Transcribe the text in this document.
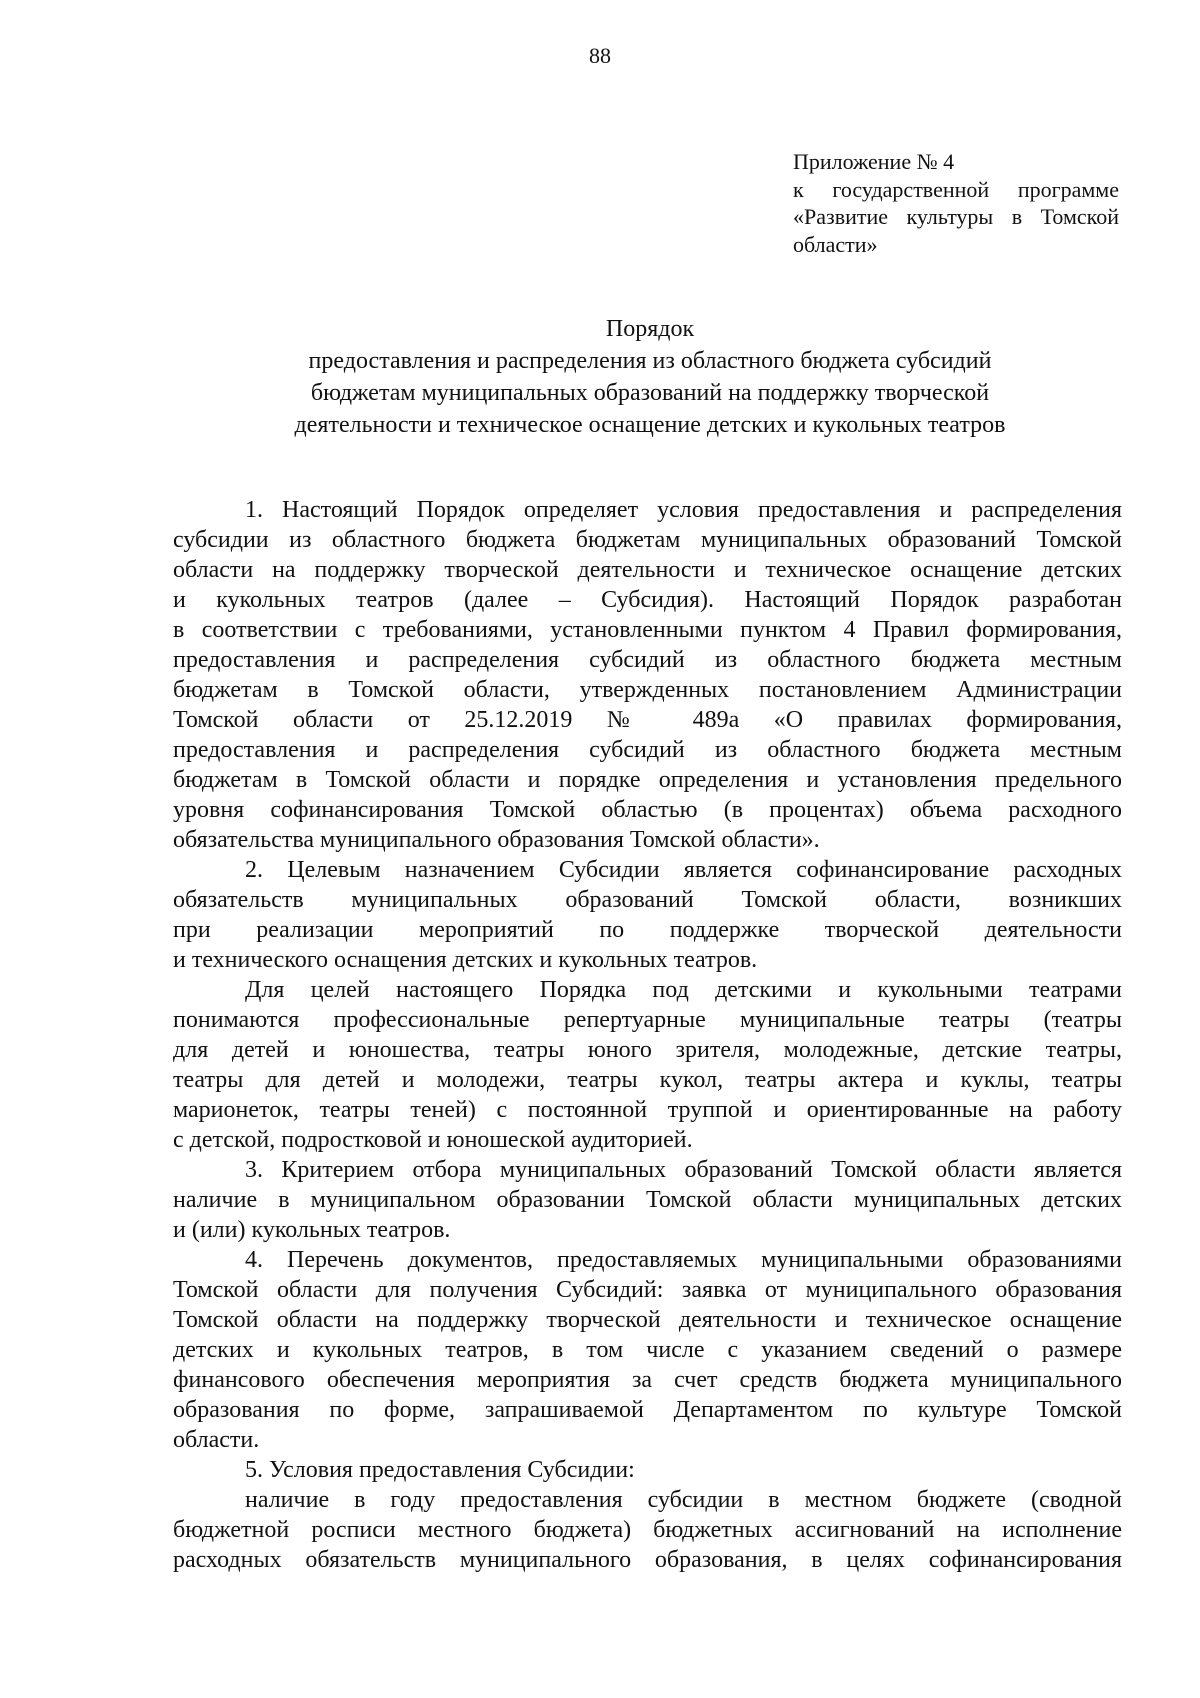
88
Приложение № 4
к государственной программе
«Развитие культуры в Томской
области»
Порядок
предоставления и распределения из областного бюджета субсидий
бюджетам муниципальных образований на поддержку творческой
деятельности и техническое оснащение детских и кукольных театров
1. Настоящий Порядок определяет условия предоставления и распределения
субсидии из областного бюджета бюджетам муниципальных образований Томской
области на поддержку творческой деятельности и техническое оснащение детских
и кукольных театров (далее – Субсидия). Настоящий Порядок разработан
в соответствии с требованиями, установленными пунктом 4 Правил формирования,
предоставления и распределения субсидий из областного бюджета местным
бюджетам в Томской области, утвержденных постановлением Администрации
Томской области от 25.12.2019 № 489а «О правилах формирования,
предоставления и распределения субсидий из областного бюджета местным
бюджетам в Томской области и порядке определения и установления предельного
уровня софинансирования Томской областью (в процентах) объема расходного
обязательства муниципального образования Томской области».
2. Целевым назначением Субсидии является софинансирование расходных
обязательств муниципальных образований Томской области, возникших
при реализации мероприятий по поддержке творческой деятельности
и технического оснащения детских и кукольных театров.
Для целей настоящего Порядка под детскими и кукольными театрами
понимаются профессиональные репертуарные муниципальные театры (театры
для детей и юношества, театры юного зрителя, молодежные, детские театры,
театры для детей и молодежи, театры кукол, театры актера и куклы, театры
марионеток, театры теней) с постоянной труппой и ориентированные на работу
с детской, подростковой и юношеской аудиторией.
3. Критерием отбора муниципальных образований Томской области является
наличие в муниципальном образовании Томской области муниципальных детских
и (или) кукольных театров.
4. Перечень документов, предоставляемых муниципальными образованиями
Томской области для получения Субсидий: заявка от муниципального образования
Томской области на поддержку творческой деятельности и техническое оснащение
детских и кукольных театров, в том числе с указанием сведений о размере
финансового обеспечения мероприятия за счет средств бюджета муниципального
образования по форме, запрашиваемой Департаментом по культуре Томской
области.
5. Условия предоставления Субсидии:
наличие в году предоставления субсидии в местном бюджете (сводной
бюджетной росписи местного бюджета) бюджетных ассигнований на исполнение
расходных обязательств муниципального образования, в целях софинансирования
